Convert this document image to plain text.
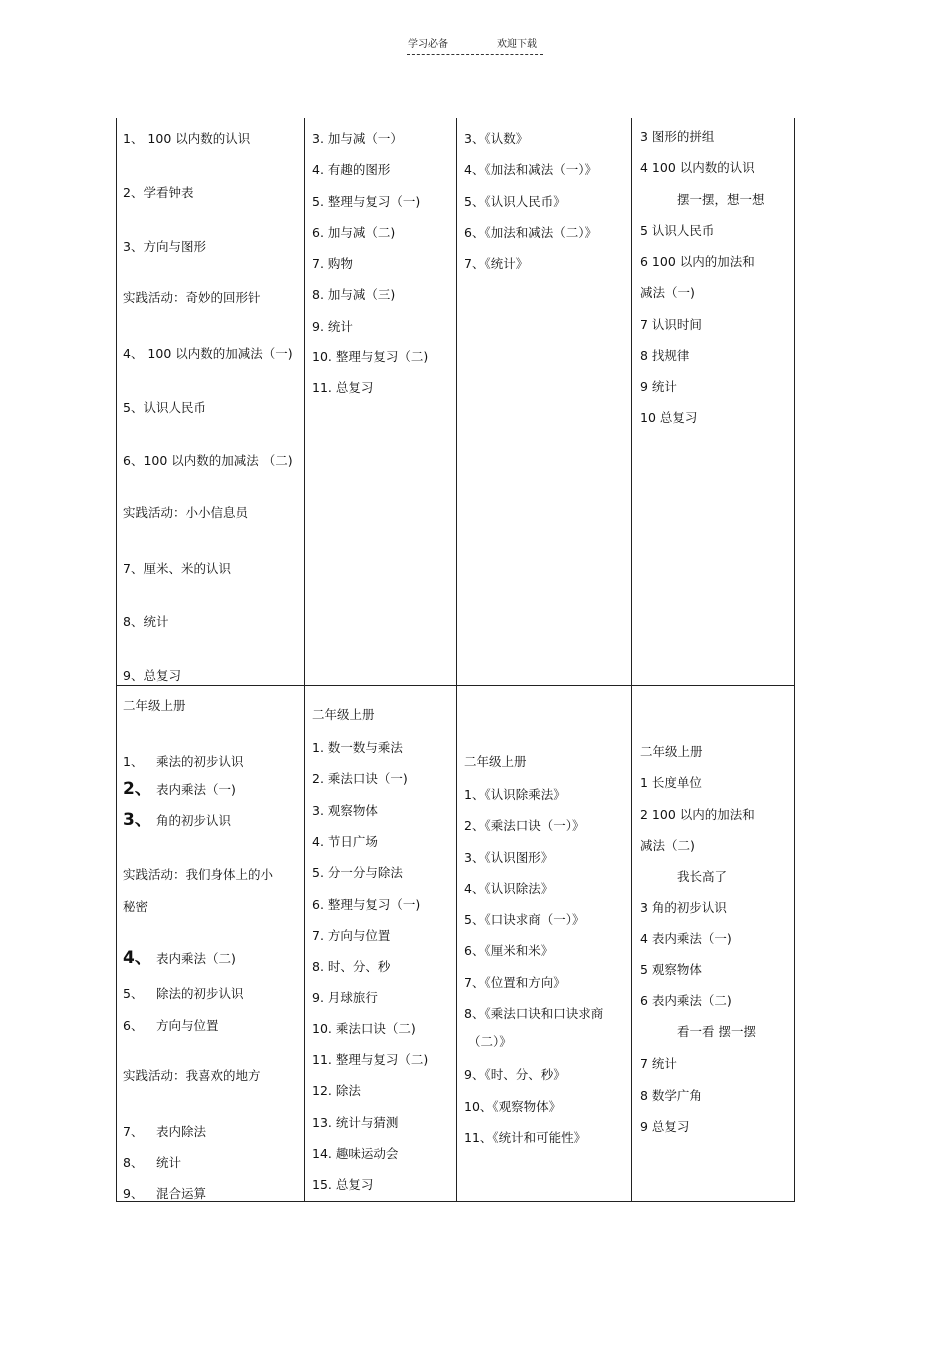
学习必备	欢迎下载
1、 100 以内数的认识
2、学看钟表
3、方向与图形
实践活动：奇妙的回形针
4、 100 以内数的加减法（一)
5、认识人民币
6、100 以内数的加减法 （二)
实践活动：小小信息员
7、厘米、米的认识
8、统计
9、总复习
3. 加与减（一）
4. 有趣的图形
5. 整理与复习（一)
6. 加与减（二)
7. 购物
8. 加与减（三)
9. 统计
10. 整理与复习（二)
11. 总复习
3、《认数》
4、《加法和减法（一）》
5、《认识人民币》
6、《加法和减法（二）》
7、《统计》
3 图形的拼组
4 100 以内数的认识
摆一摆，想一想
5 认识人民币
6 100 以内的加法和
减法（一)
7 认识时间
8 找规律
9 统计
10 总复习
二年级上册
1、 乘法的初步认识
2、 表内乘法（一)
3、 角的初步认识
实践活动：我们身体上的小
秘密
4、 表内乘法（二)
5、 除法的初步认识
6、 方向与位置
实践活动：我喜欢的地方
7、 表内除法
8、 统计
9、 混合运算
二年级上册
1. 数一数与乘法
2. 乘法口诀（一)
3. 观察物体
4. 节日广场
5. 分一分与除法
6. 整理与复习（一)
7. 方向与位置
8. 时、分、秒
9. 月球旅行
10. 乘法口诀（二)
11. 整理与复习（二)
12. 除法
13. 统计与猜测
14. 趣味运动会
15. 总复习
二年级上册
1、《认识除乘法》
2、《乘法口诀（一）》
3、《认识图形》
4、《认识除法》
5、《口诀求商（一）》
6、《厘米和米》
7、《位置和方向》
8、《乘法口诀和口诀求商
（二）》
9、《时、分、秒》
10、《观察物体》
11、《统计和可能性》
二年级上册
1 长度单位
2 100 以内的加法和
减法（二)
我长高了
3 角的初步认识
4 表内乘法（一)
5 观察物体
6 表内乘法（二)
看一看 摆一摆
7 统计
8 数学广角
9 总复习
